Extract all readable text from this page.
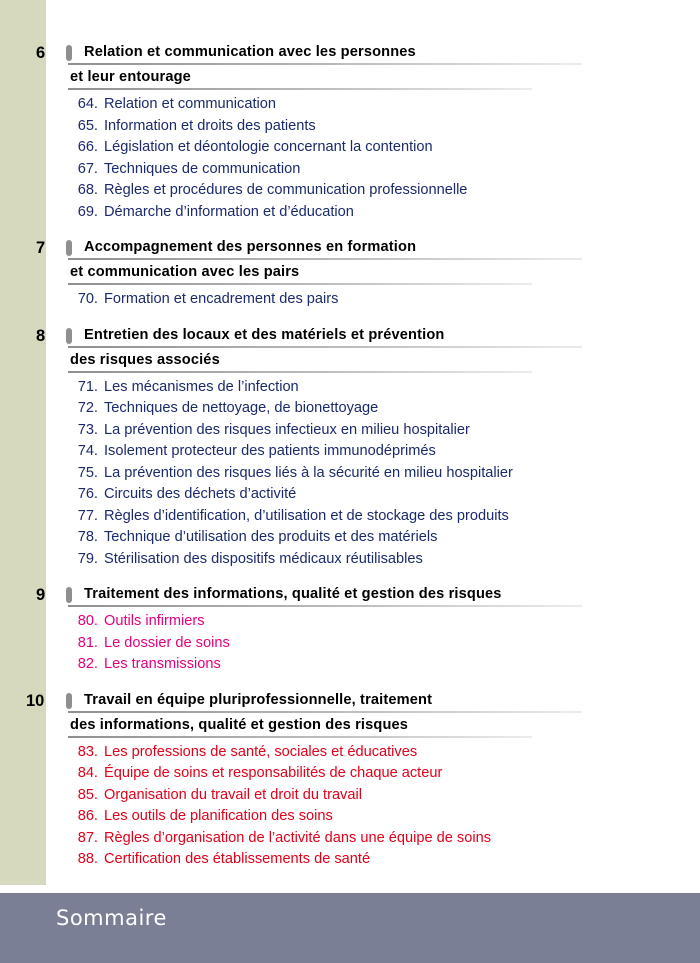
6	Relation et communication avec les personnes
et leur entourage
64. Relation et communication
65. Information et droits des patients
66. Législation et déontologie concernant la contention
67. Techniques de communication
68. Règles et procédures de communication professionnelle
69. Démarche d’information et d’éducation
7	Accompagnement des personnes en formation
et communication avec les pairs
70. Formation et encadrement des pairs
8	Entretien des locaux et des matériels et prévention
des risques associés
71. Les mécanismes de l’infection
72. Techniques de nettoyage, de bionettoyage
73. La prévention des risques infectieux en milieu hospitalier
74. Isolement protecteur des patients immunodéprimés
75. La prévention des risques liés à la sécurité en milieu hospitalier
76. Circuits des déchets d’activité
77. Règles d’identification, d’utilisation et de stockage des produits
78. Technique d’utilisation des produits et des matériels
79. Stérilisation des dispositifs médicaux réutilisables
9	Traitement des informations, qualité et gestion des risques
80. Outils infirmiers
81. Le dossier de soins
82. Les transmissions
10	Travail en équipe pluriprofessionnelle, traitement
des informations, qualité et gestion des risques
83. Les professions de santé, sociales et éducatives
84. Équipe de soins et responsabilités de chaque acteur
85. Organisation du travail et droit du travail
86. Les outils de planification des soins
87. Règles d’organisation de l’activité dans une équipe de soins
88. Certification des établissements de santé
Sommaire
